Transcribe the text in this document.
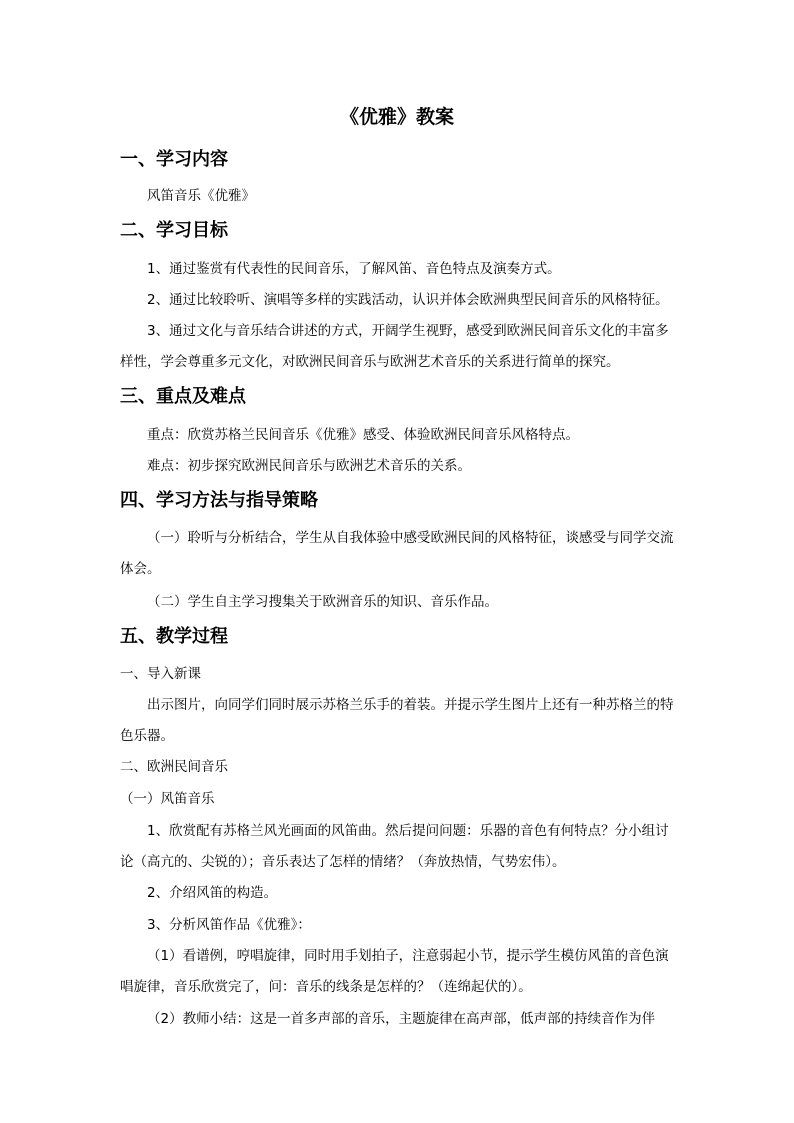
《优雅》教案
一、学习内容
风笛音乐《优雅》
二、学习目标
1、通过鉴赏有代表性的民间音乐，了解风笛、音色特点及演奏方式。
2、通过比较聆听、演唱等多样的实践活动，认识并体会欧洲典型民间音乐的风格特征。
3、通过文化与音乐结合讲述的方式，开阔学生视野，感受到欧洲民间音乐文化的丰富多样性，学会尊重多元文化，对欧洲民间音乐与欧洲艺术音乐的关系进行简单的探究。
三、重点及难点
重点：欣赏苏格兰民间音乐《优雅》感受、体验欧洲民间音乐风格特点。
难点：初步探究欧洲民间音乐与欧洲艺术音乐的关系。
四、学习方法与指导策略
（一）聆听与分析结合，学生从自我体验中感受欧洲民间的风格特征，谈感受与同学交流体会。
（二）学生自主学习搜集关于欧洲音乐的知识、音乐作品。
五、教学过程
一、导入新课
出示图片，向同学们同时展示苏格兰乐手的着装。并提示学生图片上还有一种苏格兰的特色乐器。
二、欧洲民间音乐
（一）风笛音乐
1、欣赏配有苏格兰风光画面的风笛曲。然后提问问题：乐器的音色有何特点？分小组讨论（高亢的、尖锐的）；音乐表达了怎样的情绪？（奔放热情，气势宏伟）。
2、介绍风笛的构造。
3、分析风笛作品《优雅》：
（1）看谱例，哼唱旋律，同时用手划拍子，注意弱起小节，提示学生模仿风笛的音色演唱旋律，音乐欣赏完了，问：音乐的线条是怎样的？（连绵起伏的）。
（2）教师小结：这是一首多声部的音乐，主题旋律在高声部，低声部的持续音作为伴
